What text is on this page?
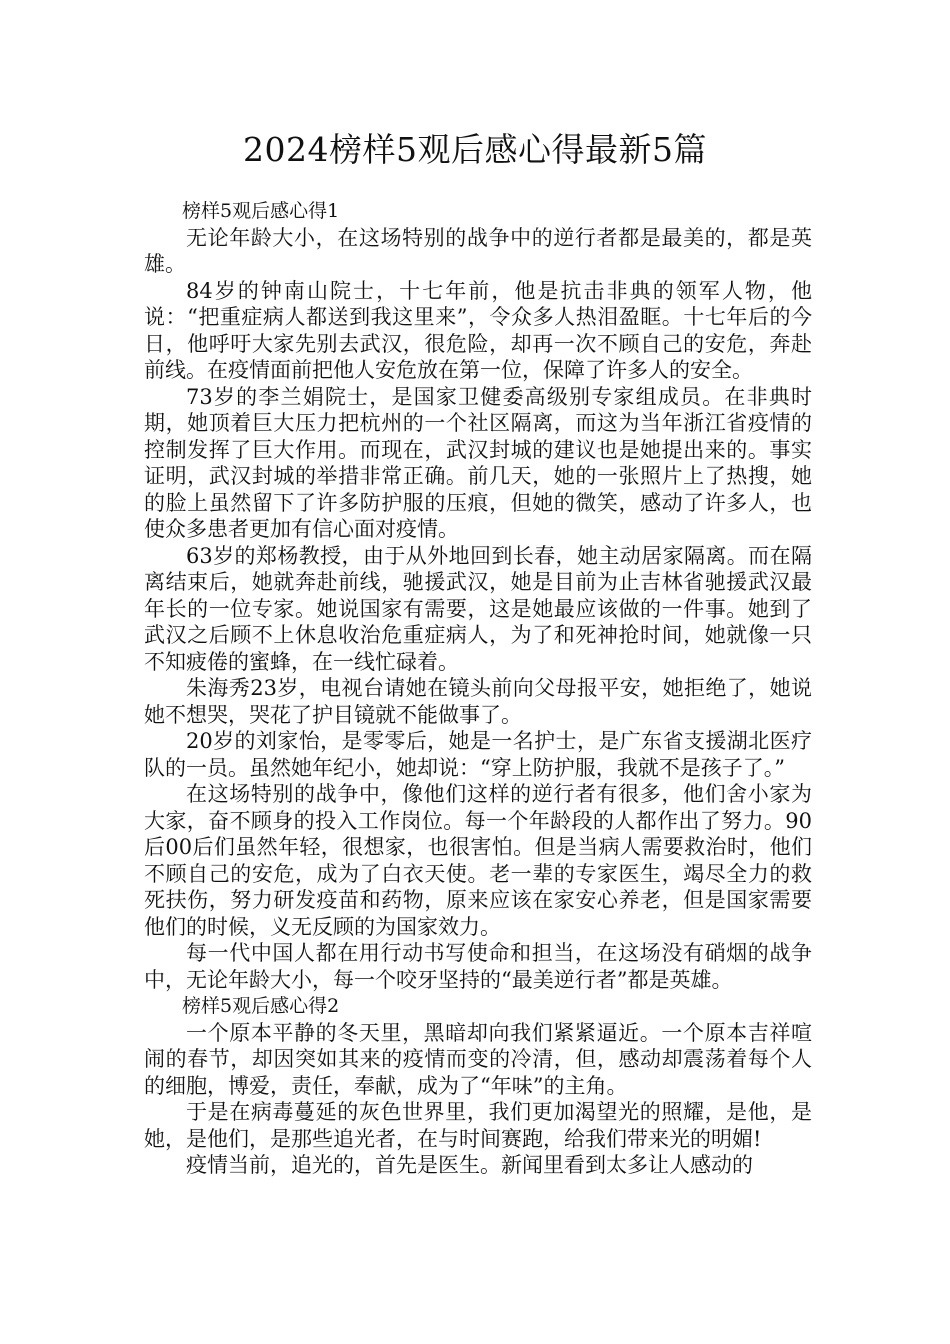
2024榜样5观后感心得最新5篇

榜样5观后感心得1

无论年龄大小，在这场特别的战争中的逆行者都是最美的，都是英雄。

84岁的钟南山院士，十七年前，他是抗击非典的领军人物，他说：“把重症病人都送到我这里来”，令众多人热泪盈眶。十七年后的今日，他呼吁大家先别去武汉，很危险，却再一次不顾自己的安危，奔赴前线。在疫情面前把他人安危放在第一位，保障了许多人的安全。

73岁的李兰娟院士，是国家卫健委高级别专家组成员。在非典时期，她顶着巨大压力把杭州的一个社区隔离，而这为当年浙江省疫情的控制发挥了巨大作用。而现在，武汉封城的建议也是她提出来的。事实证明，武汉封城的举措非常正确。前几天，她的一张照片上了热搜，她的脸上虽然留下了许多防护服的压痕，但她的微笑，感动了许多人，也使众多患者更加有信心面对疫情。

63岁的郑杨教授，由于从外地回到长春，她主动居家隔离。而在隔离结束后，她就奔赴前线，驰援武汉，她是目前为止吉林省驰援武汉最年长的一位专家。她说国家有需要，这是她最应该做的一件事。她到了武汉之后顾不上休息收治危重症病人，为了和死神抢时间，她就像一只不知疲倦的蜜蜂，在一线忙碌着。

朱海秀23岁，电视台请她在镜头前向父母报平安，她拒绝了，她说她不想哭，哭花了护目镜就不能做事了。

20岁的刘家怡，是零零后，她是一名护士，是广东省支援湖北医疗队的一员。虽然她年纪小，她却说：“穿上防护服，我就不是孩子了。”

在这场特别的战争中，像他们这样的逆行者有很多，他们舍小家为大家，奋不顾身的投入工作岗位。每一个年龄段的人都作出了努力。90后00后们虽然年轻，很想家，也很害怕。但是当病人需要救治时，他们不顾自己的安危，成为了白衣天使。老一辈的专家医生，竭尽全力的救死扶伤，努力研发疫苗和药物，原来应该在家安心养老，但是国家需要他们的时候，义无反顾的为国家效力。

每一代中国人都在用行动书写使命和担当，在这场没有硝烟的战争中，无论年龄大小，每一个咬牙坚持的“最美逆行者”都是英雄。

榜样5观后感心得2

一个原本平静的冬天里，黑暗却向我们紧紧逼近。一个原本吉祥喧闹的春节，却因突如其来的疫情而变的冷清，但，感动却震荡着每个人的细胞，博爱，责任，奉献，成为了“年味”的主角。

于是在病毒蔓延的灰色世界里，我们更加渴望光的照耀，是他，是她，是他们，是那些追光者，在与时间赛跑，给我们带来光的明媚!

疫情当前，追光的，首先是医生。新闻里看到太多让人感动的
